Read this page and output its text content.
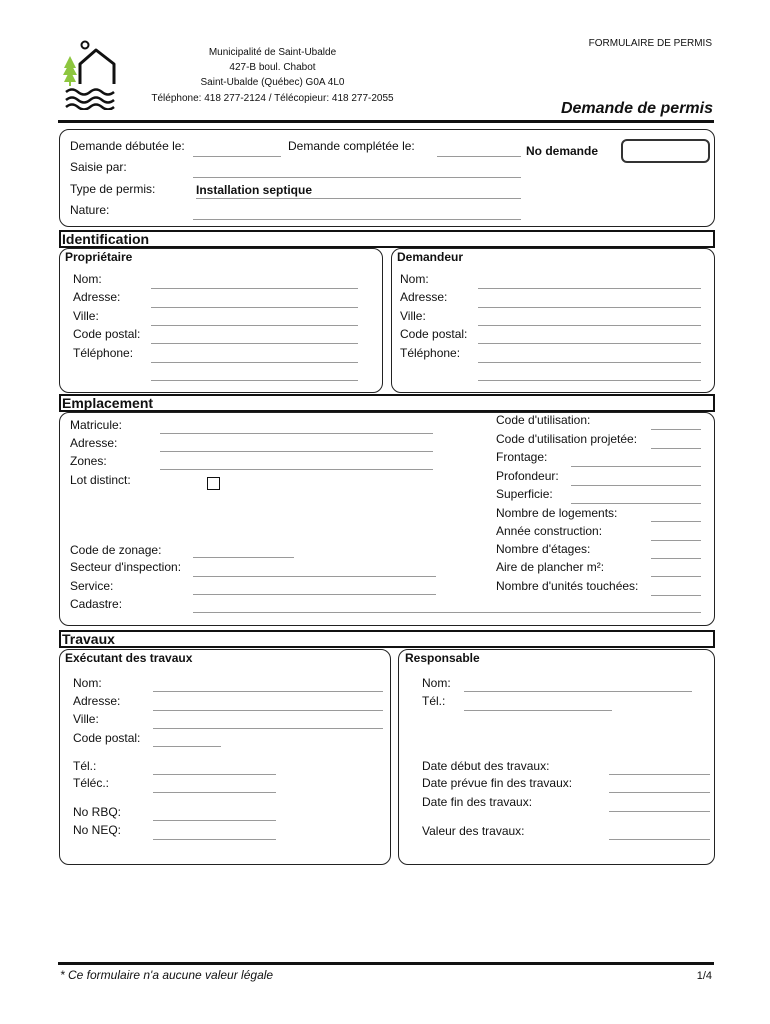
FORMULAIRE DE PERMIS
Municipalité de Saint-Ubalde
427-B boul. Chabot
Saint-Ubalde (Québec) G0A 4L0
Téléphone: 418 277-2124 / Télécopieur: 418 277-2055
Demande de permis
Demande débutée le:	Demande complétée le:	No demande
Saisie par:
Type de permis:	Installation septique
Nature:
Identification
Propriétaire
Nom:
Adresse:
Ville:
Code postal:
Téléphone:
Demandeur
Nom:
Adresse:
Ville:
Code postal:
Téléphone:
Emplacement
Matricule:
Adresse:
Zones:
Lot distinct:
Code de zonage:
Secteur d'inspection:
Service:
Cadastre:
Code d'utilisation:
Code d'utilisation projetée:
Frontage:
Profondeur:
Superficie:
Nombre de logements:
Année construction:
Nombre d'étages:
Aire de plancher m²:
Nombre d'unités touchées:
Travaux
Exécutant des travaux
Nom:
Adresse:
Ville:
Code postal:
Tél.:
Téléc.:
No RBQ:
No NEQ:
Responsable
Nom:
Tél.:
Date début des travaux:
Date prévue fin des travaux:
Date fin des travaux:
Valeur des travaux:
* Ce formulaire n'a aucune valeur légale	1/4
